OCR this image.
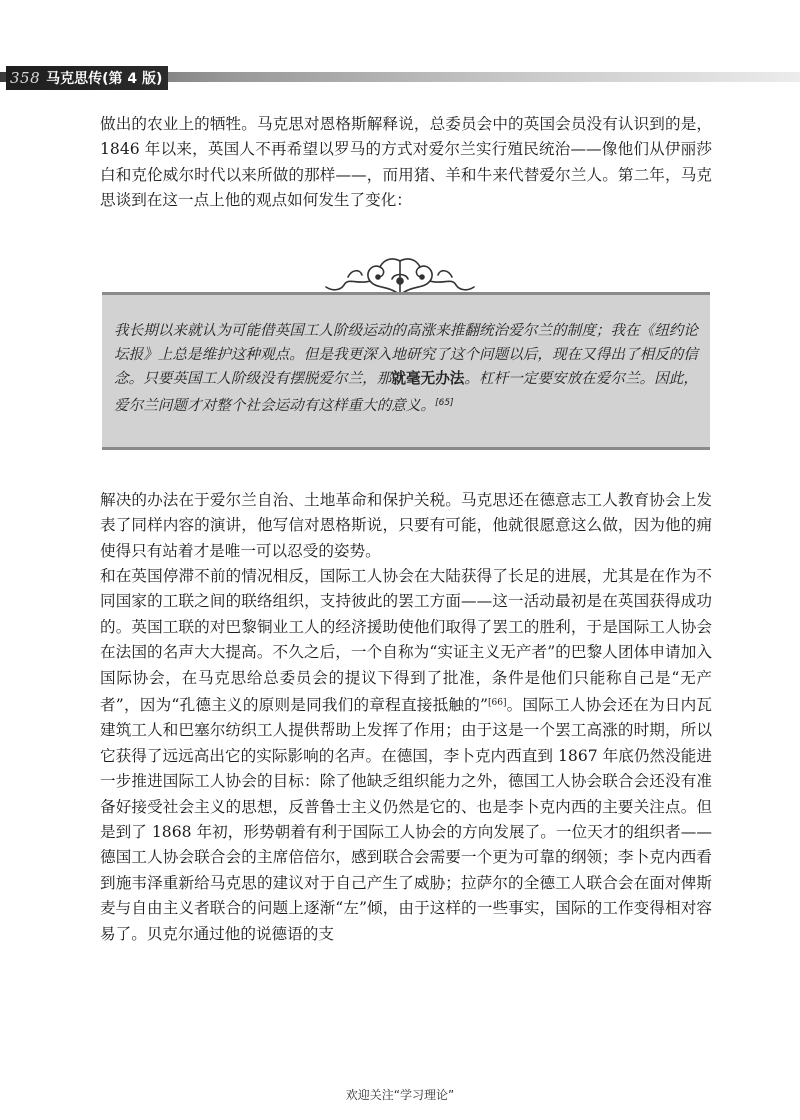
358 马克思传(第 4 版)

做出的农业上的牺牲。马克思对恩格斯解释说，总委员会中的英国会员没有认识到的是，1846 年以来，英国人不再希望以罗马的方式对爱尔兰实行殖民统治——像他们从伊丽莎白和克伦威尔时代以来所做的那样——，而用猪、羊和牛来代替爱尔兰人。第二年，马克思谈到在这一点上他的观点如何发生了变化：

我长期以来就认为可能借英国工人阶级运动的高涨来推翻统治爱尔兰的制度；我在《纽约论坛报》上总是维护这种观点。但是我更深入地研究了这个问题以后，现在又得出了相反的信念。只要英国工人阶级没有摆脱爱尔兰，那就毫无办法。杠杆一定要安放在爱尔兰。因此，爱尔兰问题才对整个社会运动有这样重大的意义。[65]

解决的办法在于爱尔兰自治、土地革命和保护关税。马克思还在德意志工人教育协会上发表了同样内容的演讲，他写信对恩格斯说，只要有可能，他就很愿意这么做，因为他的痈使得只有站着才是唯一可以忍受的姿势。

和在英国停滞不前的情况相反，国际工人协会在大陆获得了长足的进展，尤其是在作为不同国家的工联之间的联络组织，支持彼此的罢工方面——这一活动最初是在英国获得成功的。英国工联的对巴黎铜业工人的经济援助使他们取得了罢工的胜利，于是国际工人协会在法国的名声大大提高。不久之后，一个自称为“实证主义无产者”的巴黎人团体申请加入国际协会，在马克思给总委员会的提议下得到了批准，条件是他们只能称自己是“无产者”，因为“孔德主义的原则是同我们的章程直接抵触的”[66]。国际工人协会还在为日内瓦建筑工人和巴塞尔纺织工人提供帮助上发挥了作用；由于这是一个罢工高涨的时期，所以它获得了远远高出它的实际影响的名声。在德国，李卜克内西直到 1867 年底仍然没能进一步推进国际工人协会的目标：除了他缺乏组织能力之外，德国工人协会联合会还没有准备好接受社会主义的思想，反普鲁士主义仍然是它的、也是李卜克内西的主要关注点。但是到了 1868 年初，形势朝着有利于国际工人协会的方向发展了。一位天才的组织者——德国工人协会联合会的主席倍倍尔，感到联合会需要一个更为可靠的纲领；李卜克内西看到施韦泽重新给马克思的建议对于自己产生了威胁；拉萨尔的全德工人联合会在面对俾斯麦与自由主义者联合的问题上逐渐“左”倾，由于这样的一些事实，国际的工作变得相对容易了。贝克尔通过他的说德语的支

欢迎关注“学习理论”
